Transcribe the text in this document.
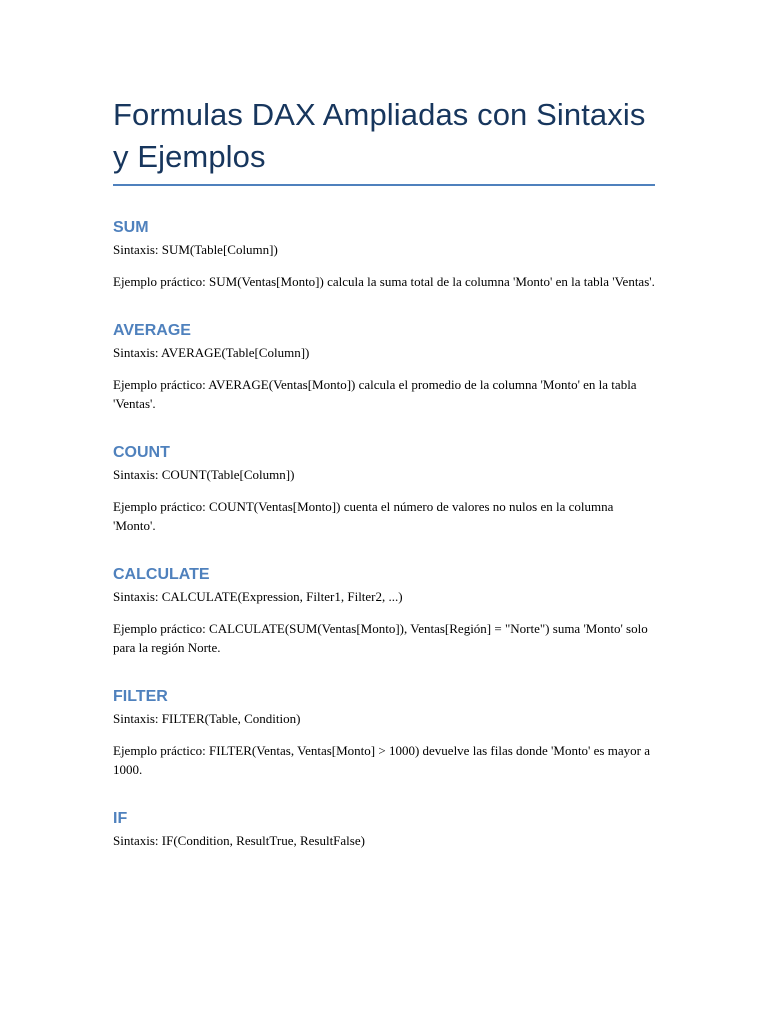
Formulas DAX Ampliadas con Sintaxis y Ejemplos
SUM

Sintaxis: SUM(Table[Column])

Ejemplo práctico: SUM(Ventas[Monto]) calcula la suma total de la columna 'Monto' en la tabla 'Ventas'.

AVERAGE

Sintaxis: AVERAGE(Table[Column])

Ejemplo práctico: AVERAGE(Ventas[Monto]) calcula el promedio de la columna 'Monto' en la tabla 'Ventas'.

COUNT

Sintaxis: COUNT(Table[Column])

Ejemplo práctico: COUNT(Ventas[Monto]) cuenta el número de valores no nulos en la columna 'Monto'.

CALCULATE

Sintaxis: CALCULATE(Expression, Filter1, Filter2, ...)

Ejemplo práctico: CALCULATE(SUM(Ventas[Monto]), Ventas[Región] = "Norte") suma 'Monto' solo para la región Norte.

FILTER

Sintaxis: FILTER(Table, Condition)

Ejemplo práctico: FILTER(Ventas, Ventas[Monto] > 1000) devuelve las filas donde 'Monto' es mayor a 1000.

IF

Sintaxis: IF(Condition, ResultTrue, ResultFalse)
